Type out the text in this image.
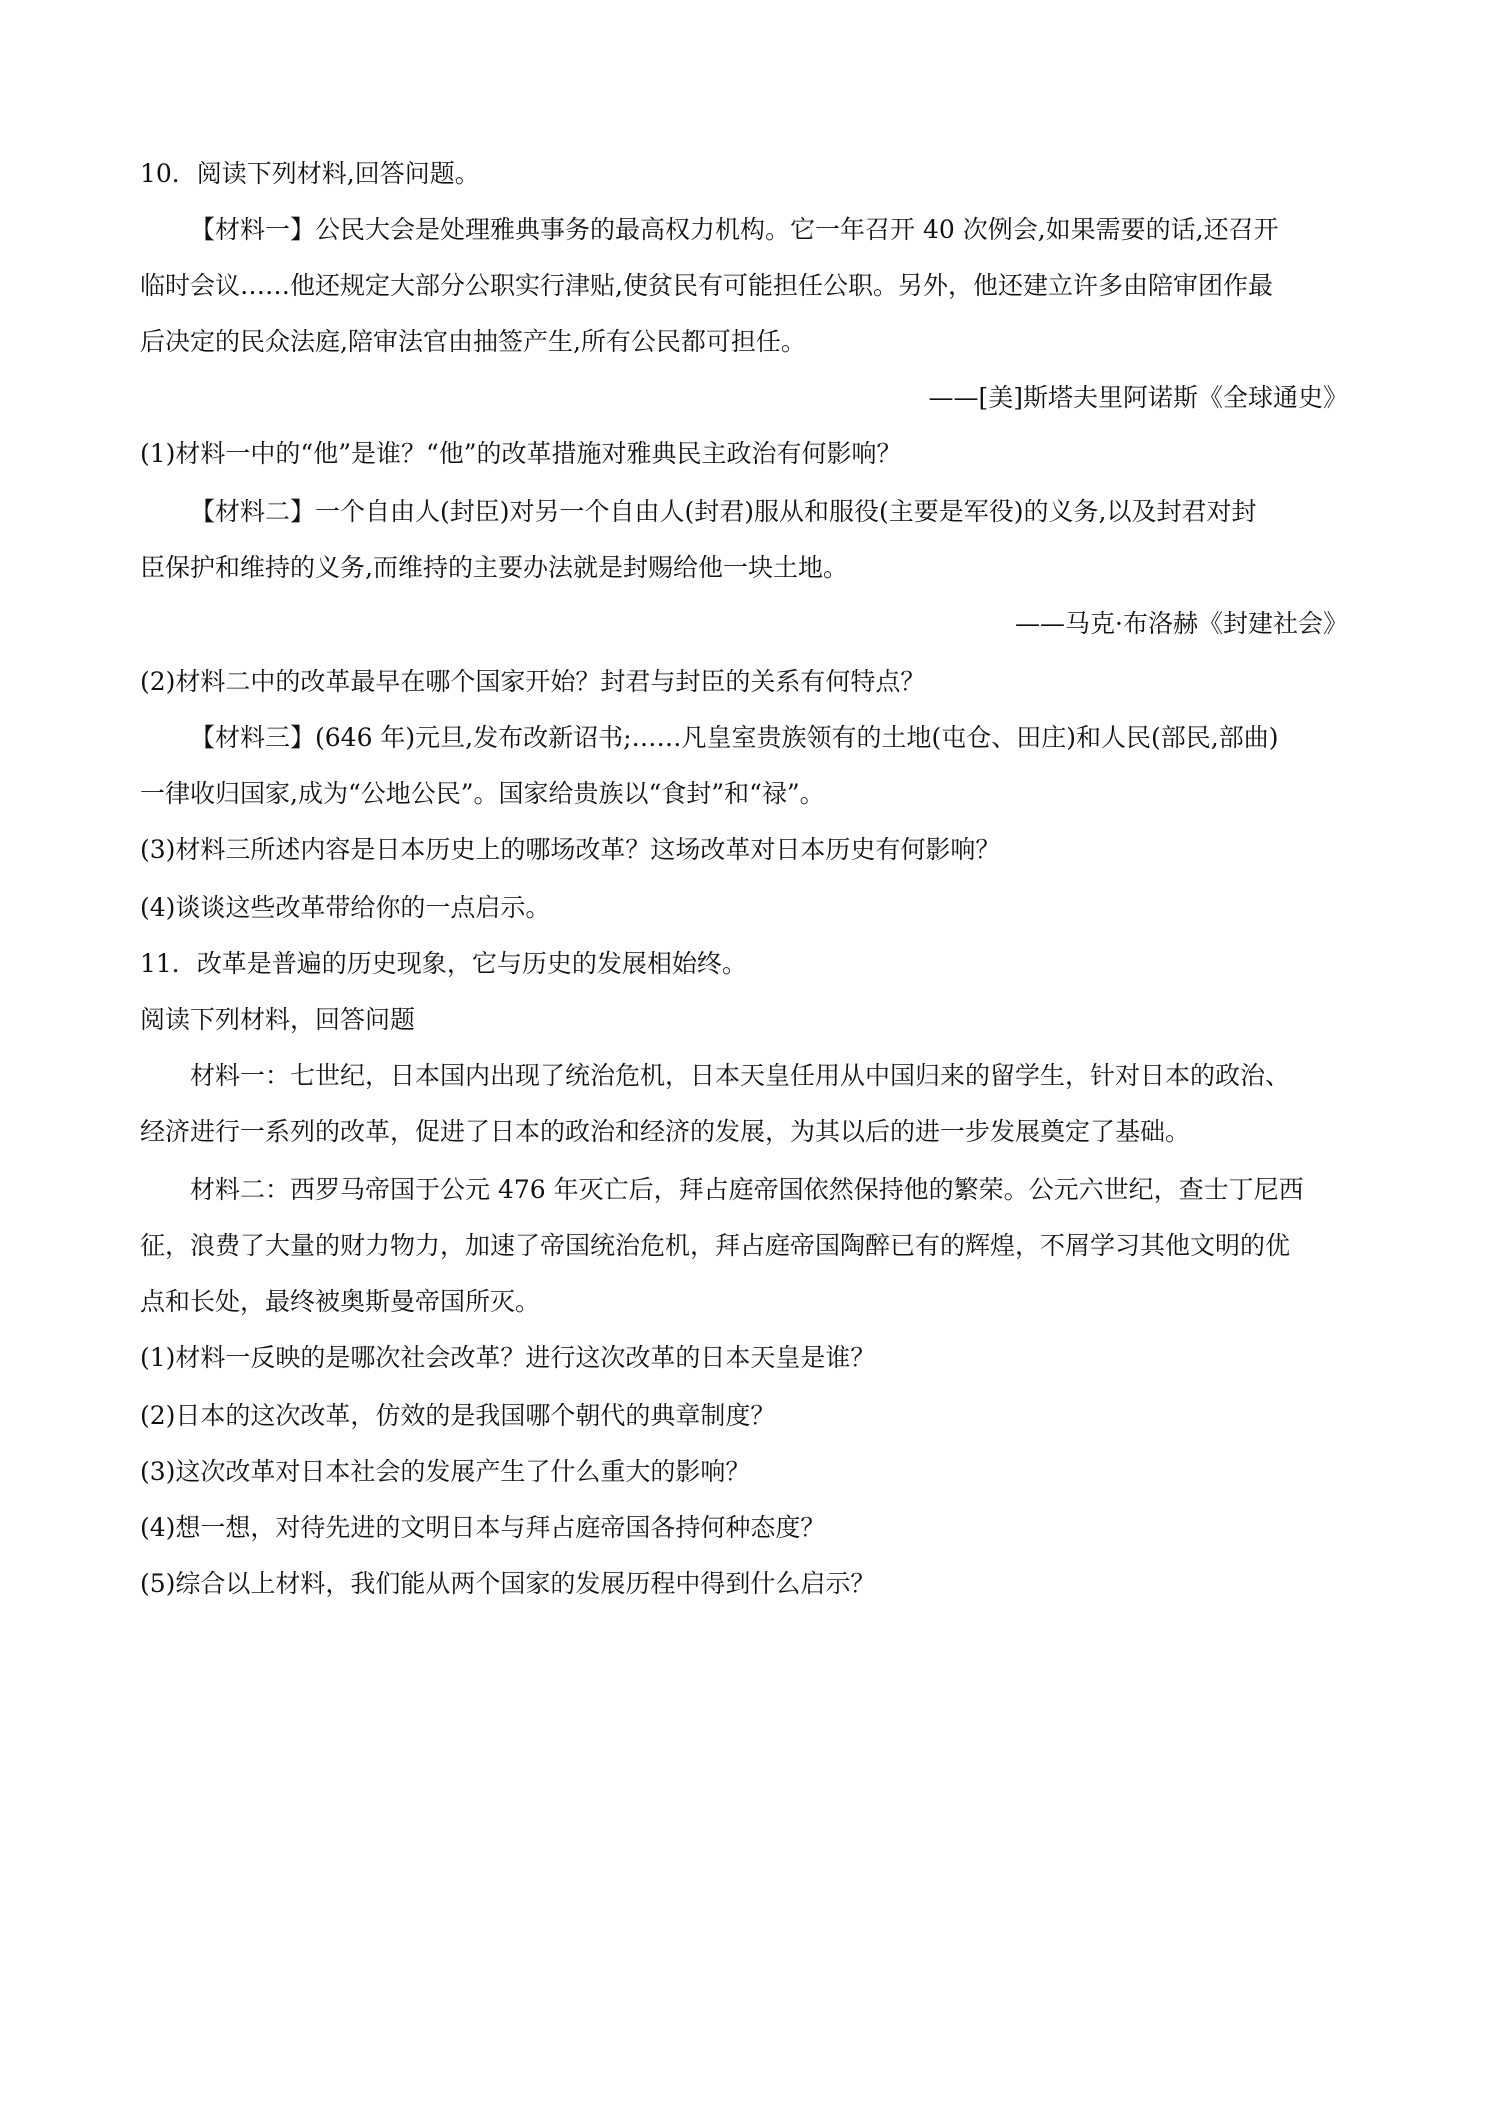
10．阅读下列材料,回答问题。
【材料一】公民大会是处理雅典事务的最高权力机构。它一年召开 40 次例会,如果需要的话,还召开
临时会议……他还规定大部分公职实行津贴,使贫民有可能担任公职。另外，他还建立许多由陪审团作最
后决定的民众法庭,陪审法官由抽签产生,所有公民都可担任。
——[美]斯塔夫里阿诺斯《全球通史》
(1)材料一中的“他”是谁？“他”的改革措施对雅典民主政治有何影响？
【材料二】一个自由人(封臣)对另一个自由人(封君)服从和服役(主要是军役)的义务,以及封君对封
臣保护和维持的义务,而维持的主要办法就是封赐给他一块土地。
——马克·布洛赫《封建社会》
(2)材料二中的改革最早在哪个国家开始？封君与封臣的关系有何特点？
【材料三】(646 年)元旦,发布改新诏书;……凡皇室贵族领有的土地(屯仓、田庄)和人民(部民,部曲)
一律收归国家,成为“公地公民”。国家给贵族以“食封”和“禄”。
(3)材料三所述内容是日本历史上的哪场改革？这场改革对日本历史有何影响？
(4)谈谈这些改革带给你的一点启示。
11．改革是普遍的历史现象，它与历史的发展相始终。
阅读下列材料，回答问题
材料一：七世纪，日本国内出现了统治危机，日本天皇任用从中国归来的留学生，针对日本的政治、
经济进行一系列的改革，促进了日本的政治和经济的发展，为其以后的进一步发展奠定了基础。
材料二：西罗马帝国于公元 476 年灭亡后，拜占庭帝国依然保持他的繁荣。公元六世纪，查士丁尼西
征，浪费了大量的财力物力，加速了帝国统治危机，拜占庭帝国陶醉已有的辉煌，不屑学习其他文明的优
点和长处，最终被奥斯曼帝国所灭。
(1)材料一反映的是哪次社会改革？进行这次改革的日本天皇是谁？
(2)日本的这次改革，仿效的是我国哪个朝代的典章制度？
(3)这次改革对日本社会的发展产生了什么重大的影响？
(4)想一想，对待先进的文明日本与拜占庭帝国各持何种态度？
(5)综合以上材料，我们能从两个国家的发展历程中得到什么启示？
